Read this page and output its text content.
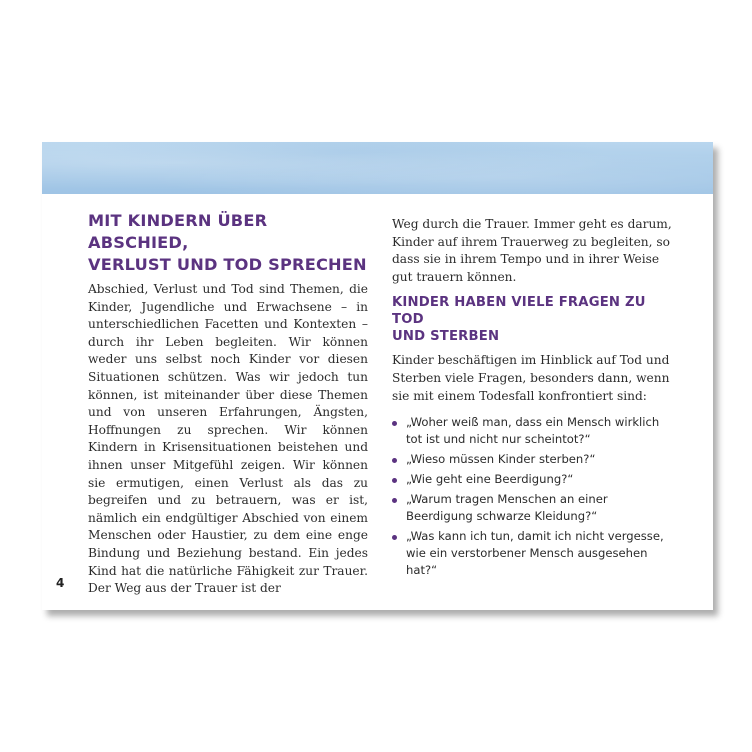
MIT KINDERN ÜBER ABSCHIED,
VERLUST UND TOD SPRECHEN

Abschied, Verlust und Tod sind Themen, die Kinder, Jugendliche und Erwachsene – in unterschiedlichen Facetten und Kontexten – durch ihr Leben begleiten. Wir können weder uns selbst noch Kinder vor diesen Situationen schützen. Was wir jedoch tun können, ist miteinander über diese Themen und von unseren Erfahrungen, Ängsten, Hoffnungen zu sprechen. Wir können Kindern in Krisensituationen beistehen und ihnen unser Mitgefühl zeigen. Wir können sie ermutigen, einen Verlust als das zu begreifen und zu betrauern, was er ist, nämlich ein endgültiger Abschied von einem Menschen oder Haustier, zu dem eine enge Bindung und Beziehung bestand. Ein jedes Kind hat die natürliche Fähigkeit zur Trauer. Der Weg aus der Trauer ist der

Weg durch die Trauer. Immer geht es darum, Kinder auf ihrem Trauerweg zu begleiten, so dass sie in ihrem Tempo und in ihrer Weise gut trauern können.

KINDER HABEN VIELE FRAGEN ZU TOD
UND STERBEN

Kinder beschäftigen im Hinblick auf Tod und Sterben viele Fragen, besonders dann, wenn sie mit einem Todesfall konfrontiert sind:

„Woher weiß man, dass ein Mensch wirklich tot ist und nicht nur scheintot?“
„Wieso müssen Kinder sterben?“
„Wie geht eine Beerdigung?“
„Warum tragen Menschen an einer Beerdigung schwarze Kleidung?“
„Was kann ich tun, damit ich nicht vergesse, wie ein verstorbener Mensch ausgesehen hat?“
4
